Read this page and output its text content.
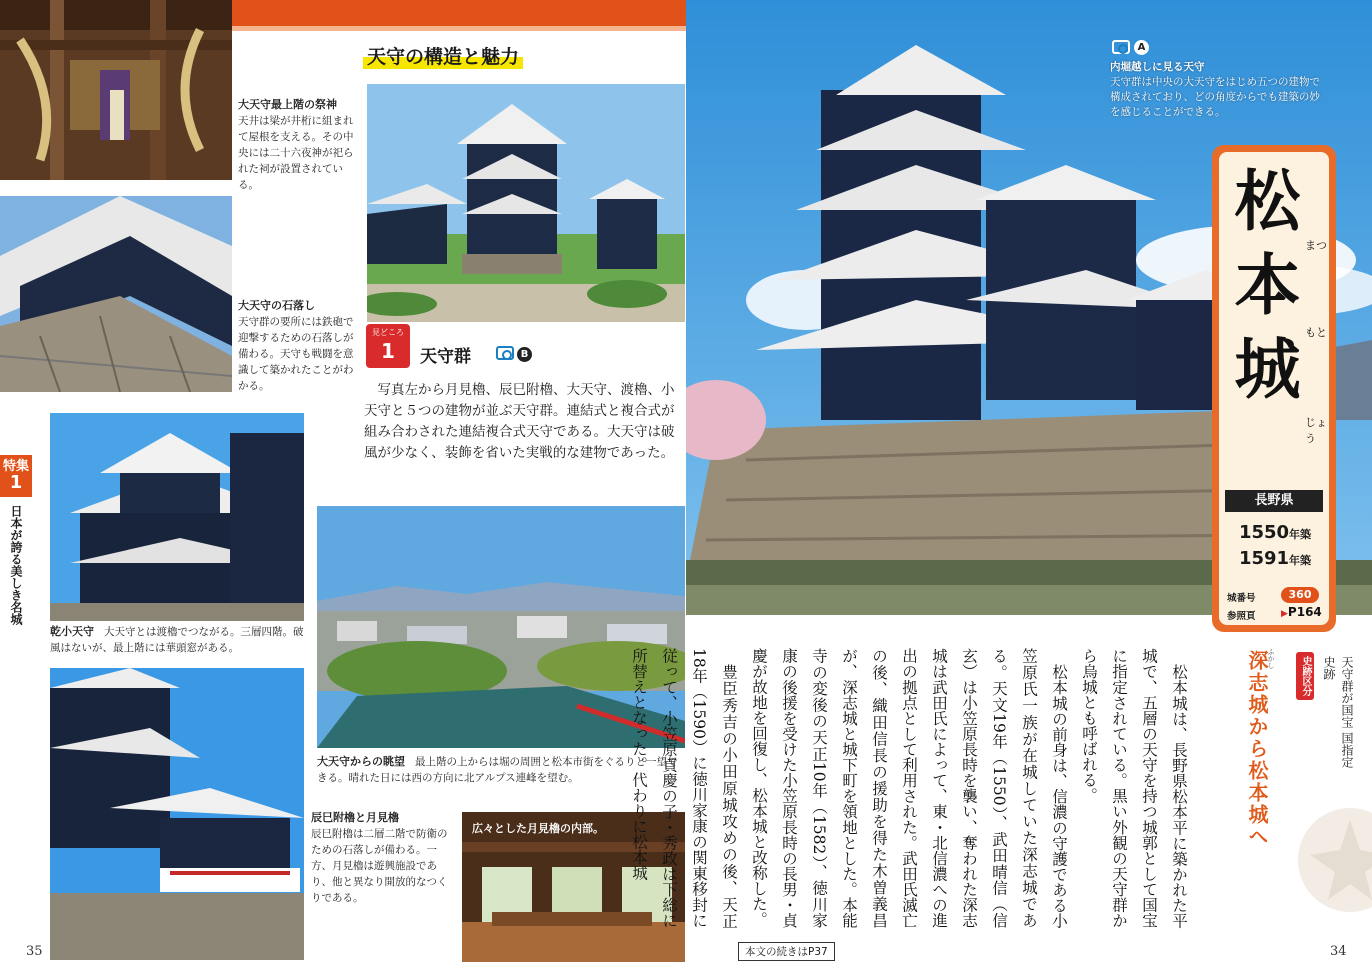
大天守最上階の祭神
天井は梁が井桁に組まれて屋根を支える。その中央には二十六夜神が祀られた祠が設置されている。
天守の構造と魅力
大天守の石落し
天守群の要所には鉄砲で迎撃するための石落しが備わる。天守も戦闘を意識して築かれたことがわかる。
見どころ
1	天守群	B
写真左から月見櫓、辰巳附櫓、大天守、渡櫓、小天守と５つの建物が並ぶ天守群。連結式と複合式が組み合わされた連結複合式天守である。大天守は破風が少なく、装飾を省いた実戦的な建物であった。
乾小天守 大天守とは渡櫓でつながる。三層四階。破風はないが、最上階には華頭窓がある。
大天守からの眺望 最上階の上からは堀の周囲と松本市街をぐるりと一望できる。晴れた日には西の方向に北アルプス連峰を望む。
辰巳附櫓と月見櫓
辰巳附櫓は二層二階で防衛のための石落しが備わる。一方、月見櫓は遊興施設であり、他と異なり開放的なつくりである。
広々とした月見櫓の内部。
特集
1
日本が誇る美しき名城
35
A
内堀越しに見る天守
天守群は中央の大天守をはじめ五つの建物で構成されており、どの角度からでも建築の妙を感じることができる。
松本城 まつ
もと
じょう
長野県
1550年築
1591年築
城番号	360
参照頁	▶P164
史跡区分	天守群が国宝 国指定史跡
深志城から松本城へ
ふかし

松本城は、長野県松本平に築かれた平城で、五層の天守を持つ城郭として国宝に指定されている。黒い外観の天守群から烏城とも呼ばれる。

松本城の前身は、信濃の守護である小笠原氏一族が在城していた深志城である。天文19年（1550）、武田晴信（信玄）は小笠原長時を襲い、奪われた深志城は武田氏によって、東・北信濃への進出の拠点として利用された。武田氏滅亡の後、織田信長の援助を得た木曽義昌が、深志城と城下町を領地とした。本能寺の変後の天正10年（1582）、徳川家康の後援を受けた小笠原長時の長男・貞慶が故地を回復し、松本城と改称した。

豊臣秀吉の小田原城攻めの後、天正18年（1590）に徳川家康の関東移封に従って、小笠原貞慶の子・秀政は下総に所替えとなった。代わりに松本城

本文の続きはP37	34
